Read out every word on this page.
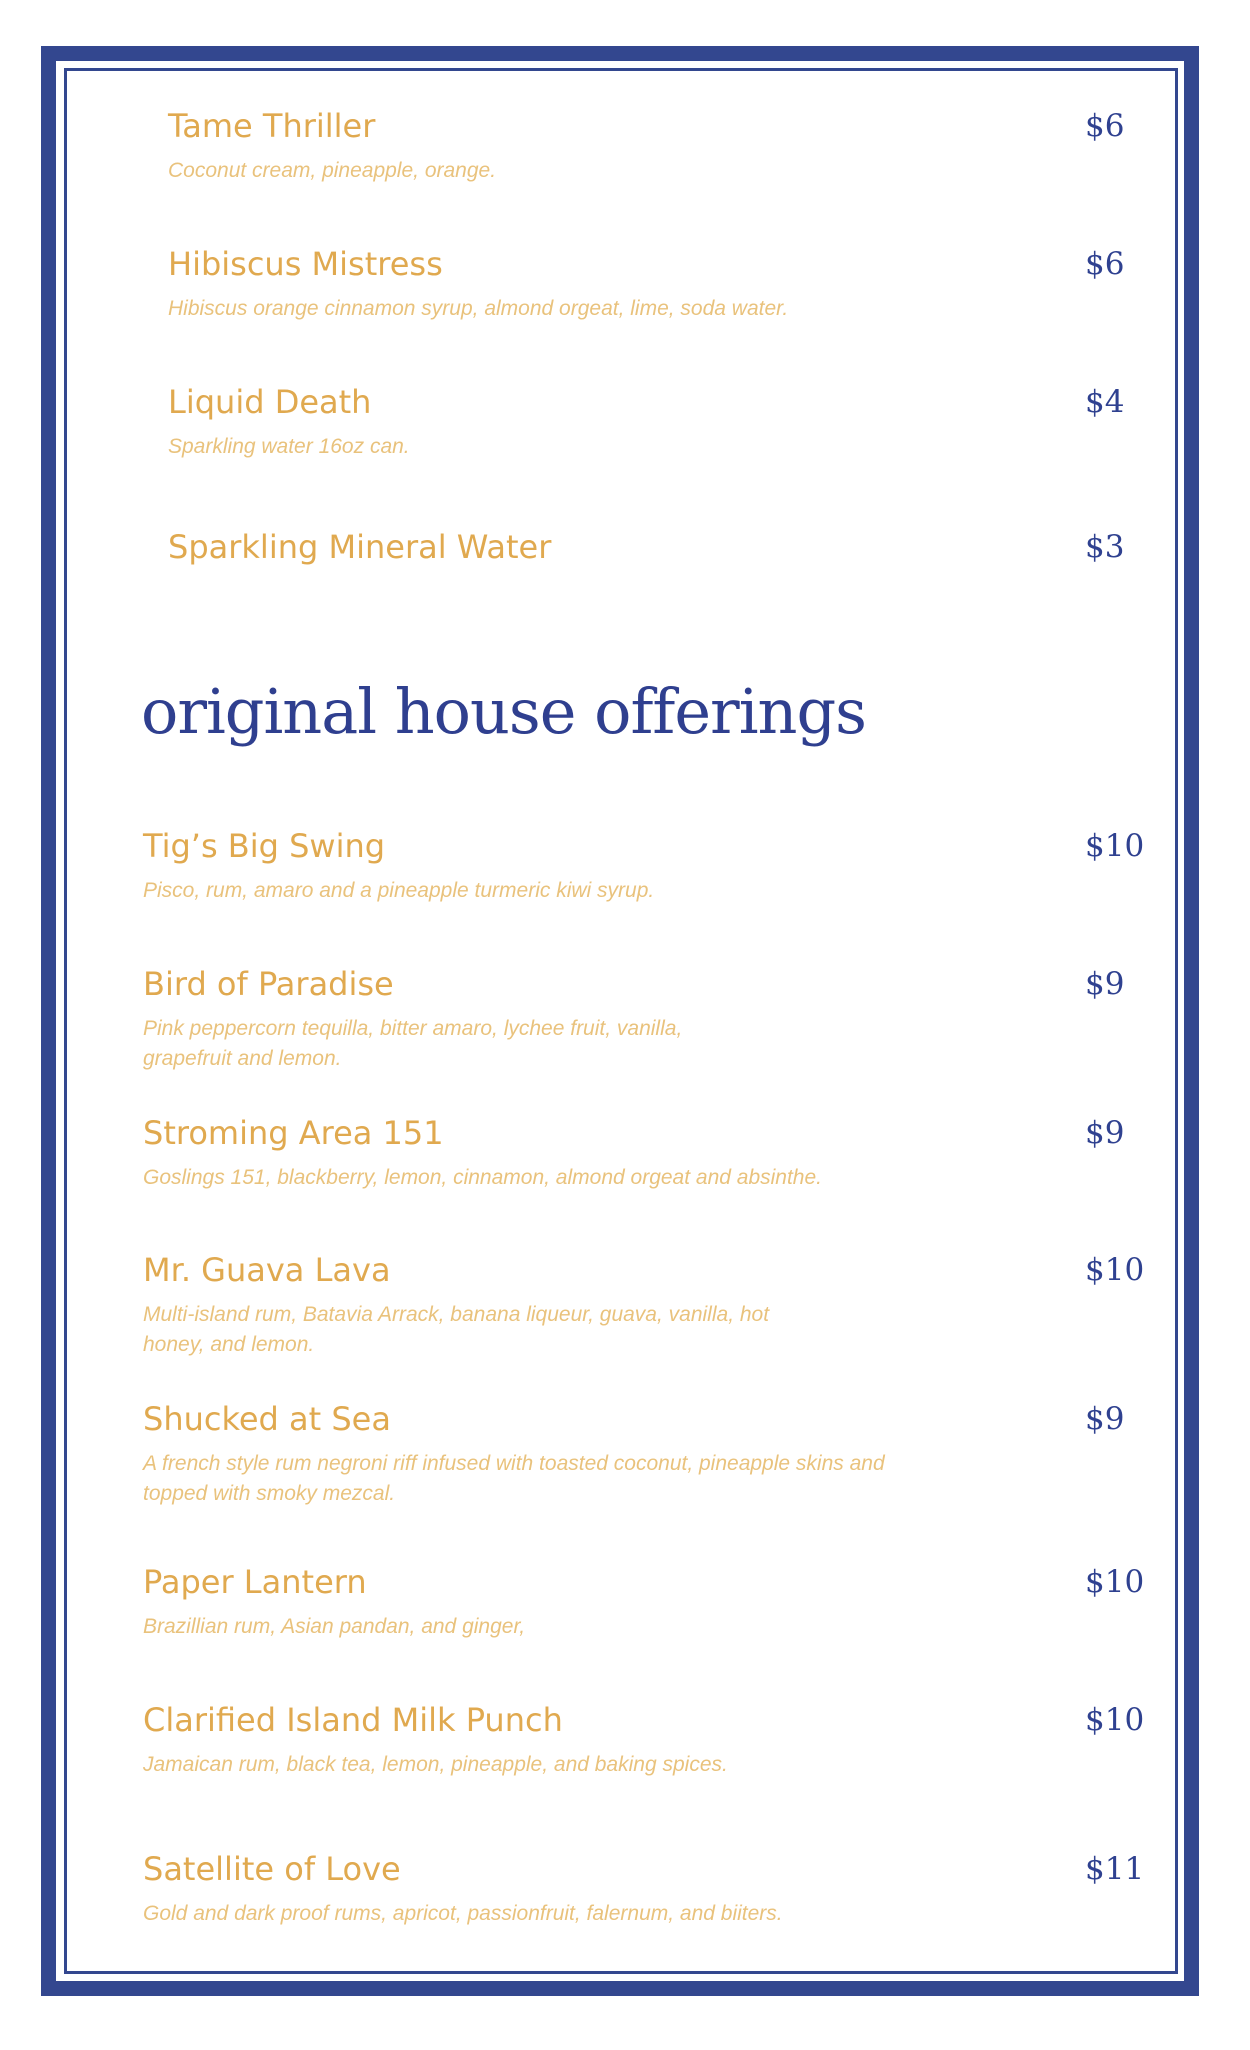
Tame Thriller
Coconut cream, pineapple, orange.
$6
Hibiscus Mistress
Hibiscus orange cinnamon syrup, almond orgeat, lime, soda water.
$6
Liquid Death
Sparkling water 16oz can.
$4
Sparkling Mineral Water	$3
original house offerings
Tig’s Big Swing
Pisco, rum, amaro and a pineapple turmeric kiwi syrup.
$10
Bird of Paradise
Pink peppercorn tequilla, bitter amaro, lychee fruit, vanilla, grapefruit and lemon.
$9
Stroming Area 151
Goslings 151, blackberry, lemon, cinnamon, almond orgeat and absinthe.
$9
Mr. Guava Lava
Multi-island rum, Batavia Arrack, banana liqueur, guava, vanilla, hot honey, and lemon.
$10
Shucked at Sea
A french style rum negroni riff infused with toasted coconut, pineapple skins and topped with smoky mezcal.
$9
Paper Lantern
Brazillian rum, Asian pandan, and ginger,
$10
Clarified Island Milk Punch
Jamaican rum, black tea, lemon, pineapple, and baking spices.
$10
Satellite of Love
Gold and dark proof rums, apricot, passionfruit, falernum, and biiters.
$11
